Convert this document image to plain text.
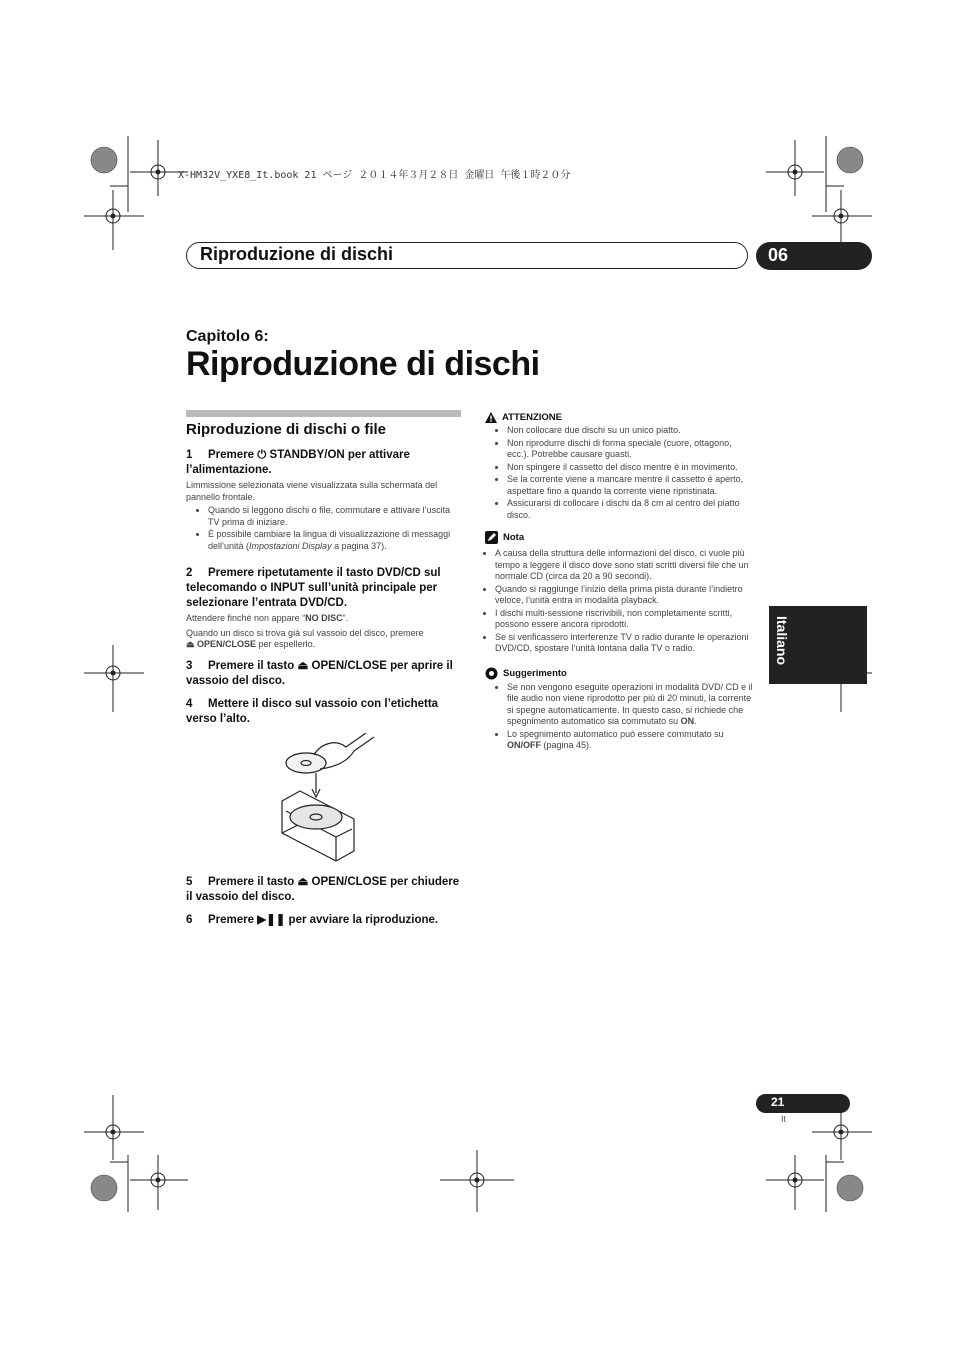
X-HM32V_YXE8_It.book 21 ページ ２０１４年３月２８日 金曜日 午後１時２０分
Riproduzione di dischi	06
Capitolo 6:
Riproduzione di dischi
Riproduzione di dischi o file

1 Premere ⏻ STANDBY/ON per attivare l’alimentazione.

Limmissione selezionata viene visualizzata sulla schermata del pannello frontale.

• Quando si leggono dischi o file, commutare e attivare l’uscita TV prima di iniziare.
• È possibile cambiare la lingua di visualizzazione di messaggi dell’unità (Impostazioni Display a pagina 37).

2 Premere ripetutamente il tasto DVD/CD sul telecomando o INPUT sull’unità principale per selezionare l’entrata DVD/CD.

Attendere finché non appare “NO DISC”.

Quando un disco si trova già sul vassoio del disco, premere

⏏ OPEN/CLOSE per espellerlo.

3 Premere il tasto ⏏ OPEN/CLOSE per aprire il vassoio del disco.

4 Mettere il disco sul vassoio con l’etichetta verso l’alto.

5 Premere il tasto ⏏ OPEN/CLOSE per chiudere il vassoio del disco.

6 Premere ▶❚❚ per avviare la riproduzione.

ATTENZIONE

• Non collocare due dischi su un unico piatto.
• Non riprodurre dischi di forma speciale (cuore, ottagono, ecc.). Potrebbe causare guasti.
• Non spingere il cassetto del disco mentre è in movimento.
• Se la corrente viene a mancare mentre il cassetto è aperto, aspettare fino a quando la corrente viene ripristinata.
• Assicurarsi di collocare i dischi da 8 cm al centro del piatto disco.

Nota

• A causa della struttura delle informazioni del disco, ci vuole più tempo a leggere il disco dove sono stati scritti diversi file che un normale CD (circa da 20 a 90 secondi).
• Quando si raggiunge l’inizio della prima pista durante l’indietro veloce, l’unità entra in modalità playback.
• I dischi multi-sessione riscrivibili, non completamente scritti, possono essere ancora riprodotti.
• Se si verificassero interferenze TV o radio durante le operazioni DVD/CD, spostare l’unità lontana dalla TV o radio.

Suggerimento

• Se non vengono eseguite operazioni in modalità DVD/ CD e il file audio non viene riprodotto per più di 20 minuti, la corrente si spegne automaticamente. In questo caso, si richiede che spegnimento automatico sia commutato su ON.
• Lo spegnimento automatico può essere commutato su ON/OFF (pagina 45).
Italiano
21
It
